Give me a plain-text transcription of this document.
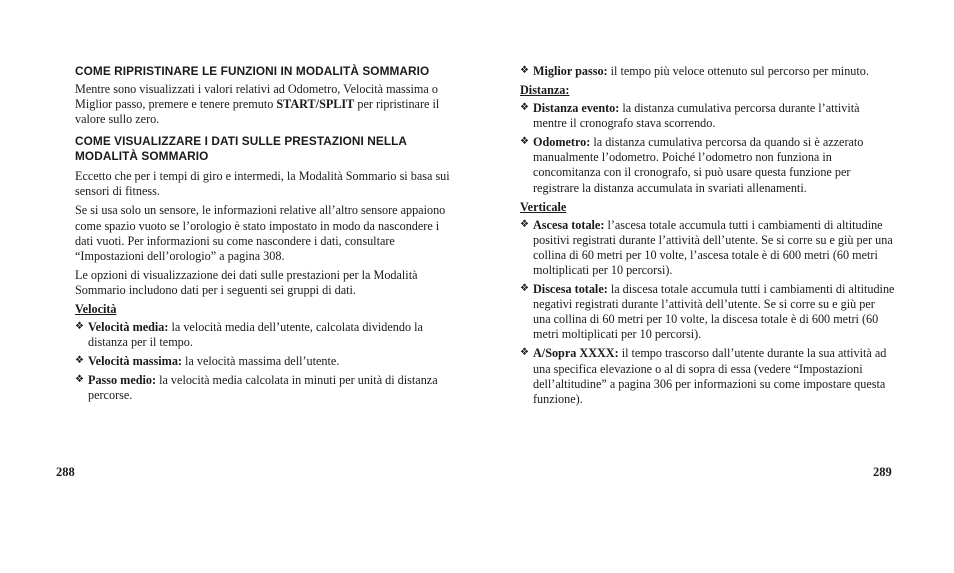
COME RIPRISTINARE LE FUNZIONI IN MODALITÀ SOMMARIO

Mentre sono visualizzati i valori relativi ad Odometro, Velocità massima o Miglior passo, premere e tenere premuto START/SPLIT per ripristinare il valore sullo zero.

COME VISUALIZZARE I DATI SULLE PRESTAZIONI NELLA MODALITÀ SOMMARIO

Eccetto che per i tempi di giro e intermedi, la Modalità Sommario si basa sui sensori di fitness.

Se si usa solo un sensore, le informazioni relative all’altro sensore appaiono come spazio vuoto se l’orologio è stato impostato in modo da nascondere i dati vuoti. Per informazioni su come nascondere i dati, consultare “Impostazioni dell’orologio” a pagina 308.

Le opzioni di visualizzazione dei dati sulle prestazioni per la Modalità Sommario includono dati per i seguenti sei gruppi di dati.

Velocità
❖ Velocità media: la velocità media dell’utente, calcolata dividendo la distanza per il tempo.
❖ Velocità massima: la velocità massima dell’utente.
❖ Passo medio: la velocità media calcolata in minuti per unità di distanza percorse.
❖ Miglior passo: il tempo più veloce ottenuto sul percorso per minuto.
Distanza:
❖ Distanza evento: la distanza cumulativa percorsa durante l’attività mentre il cronografo stava scorrendo.
❖ Odometro: la distanza cumulativa percorsa da quando si è azzerato manualmente l’odometro. Poiché l’odometro non funziona in concomitanza con il cronografo, si può usare questa funzione per registrare la distanza accumulata in svariati allenamenti.
Verticale
❖ Ascesa totale: l’ascesa totale accumula tutti i cambiamenti di altitudine positivi registrati durante l’attività dell’utente. Se si corre su e giù per una collina di 60 metri per 10 volte, l’ascesa totale è di 600 metri (60 metri moltiplicati per 10 percorsi).
❖ Discesa totale: la discesa totale accumula tutti i cambiamenti di altitudine negativi registrati durante l’attività dell’utente. Se si corre su e giù per una collina di 60 metri per 10 volte, la discesa totale è di 600 metri (60 metri moltiplicati per 10 percorsi).
❖ A/Sopra XXXX: il tempo trascorso dall’utente durante la sua attività ad una specifica elevazione o al di sopra di essa (vedere “Impostazioni dell’altitudine” a pagina 306 per informazioni su come impostare questa funzione).
288	289
